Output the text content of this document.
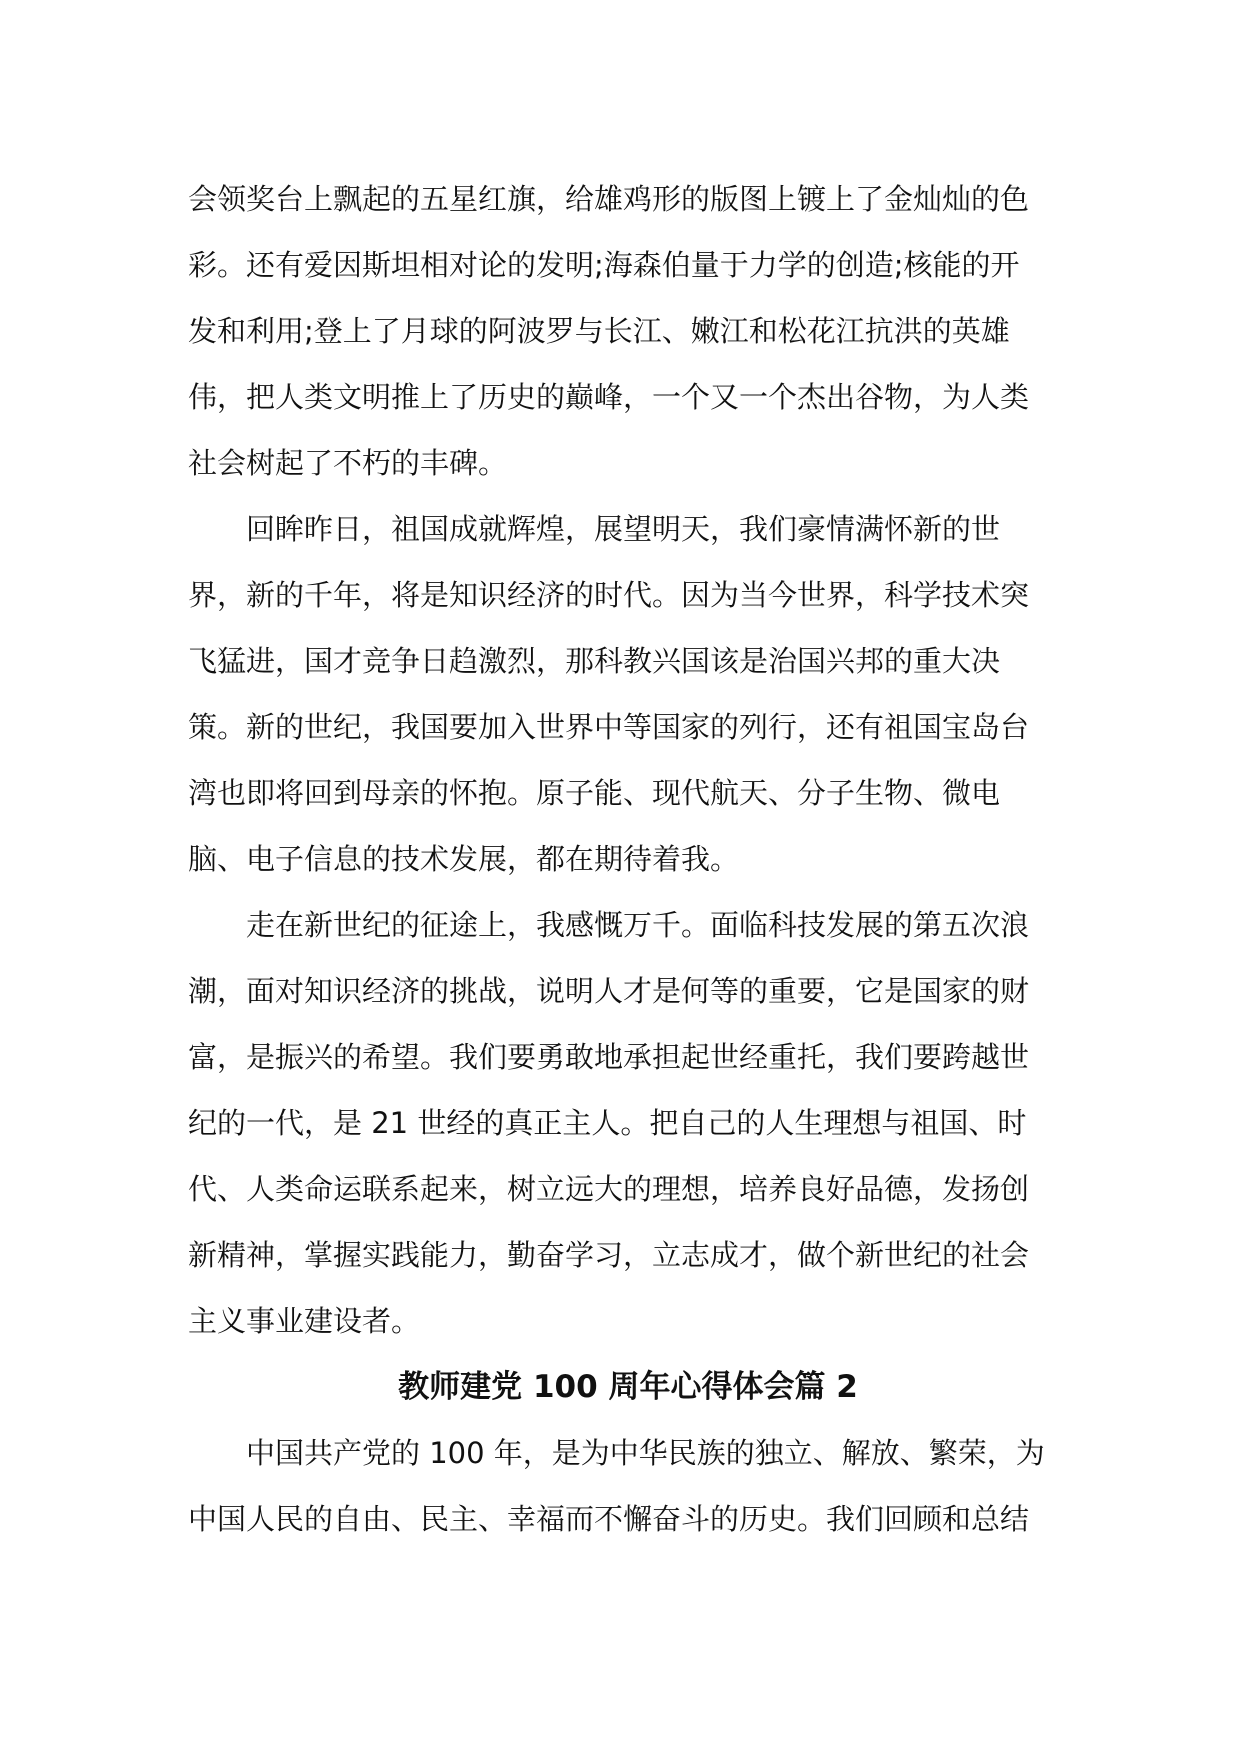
会领奖台上飘起的五星红旗，给雄鸡形的版图上镀上了金灿灿的色
彩。还有爱因斯坦相对论的发明;海森伯量于力学的创造;核能的开
发和利用;登上了月球的阿波罗与长江、嫩江和松花江抗洪的英雄
伟，把人类文明推上了历史的巅峰，一个又一个杰出谷物，为人类
社会树起了不朽的丰碑。
回眸昨日，祖国成就辉煌，展望明天，我们豪情满怀新的世
界，新的千年，将是知识经济的时代。因为当今世界，科学技术突
飞猛进，国才竞争日趋激烈，那科教兴国该是治国兴邦的重大决
策。新的世纪，我国要加入世界中等国家的列行，还有祖国宝岛台
湾也即将回到母亲的怀抱。原子能、现代航天、分子生物、微电
脑、电子信息的技术发展，都在期待着我。
走在新世纪的征途上，我感慨万千。面临科技发展的第五次浪
潮，面对知识经济的挑战，说明人才是何等的重要，它是国家的财
富，是振兴的希望。我们要勇敢地承担起世经重托，我们要跨越世
纪的一代，是 21 世经的真正主人。把自己的人生理想与祖国、时
代、人类命运联系起来，树立远大的理想，培养良好品德，发扬创
新精神，掌握实践能力，勤奋学习，立志成才，做个新世纪的社会
主义事业建设者。
教师建党 100 周年心得体会篇 2
中国共产党的 100 年，是为中华民族的独立、解放、繁荣，为
中国人民的自由、民主、幸福而不懈奋斗的历史。我们回顾和总结
